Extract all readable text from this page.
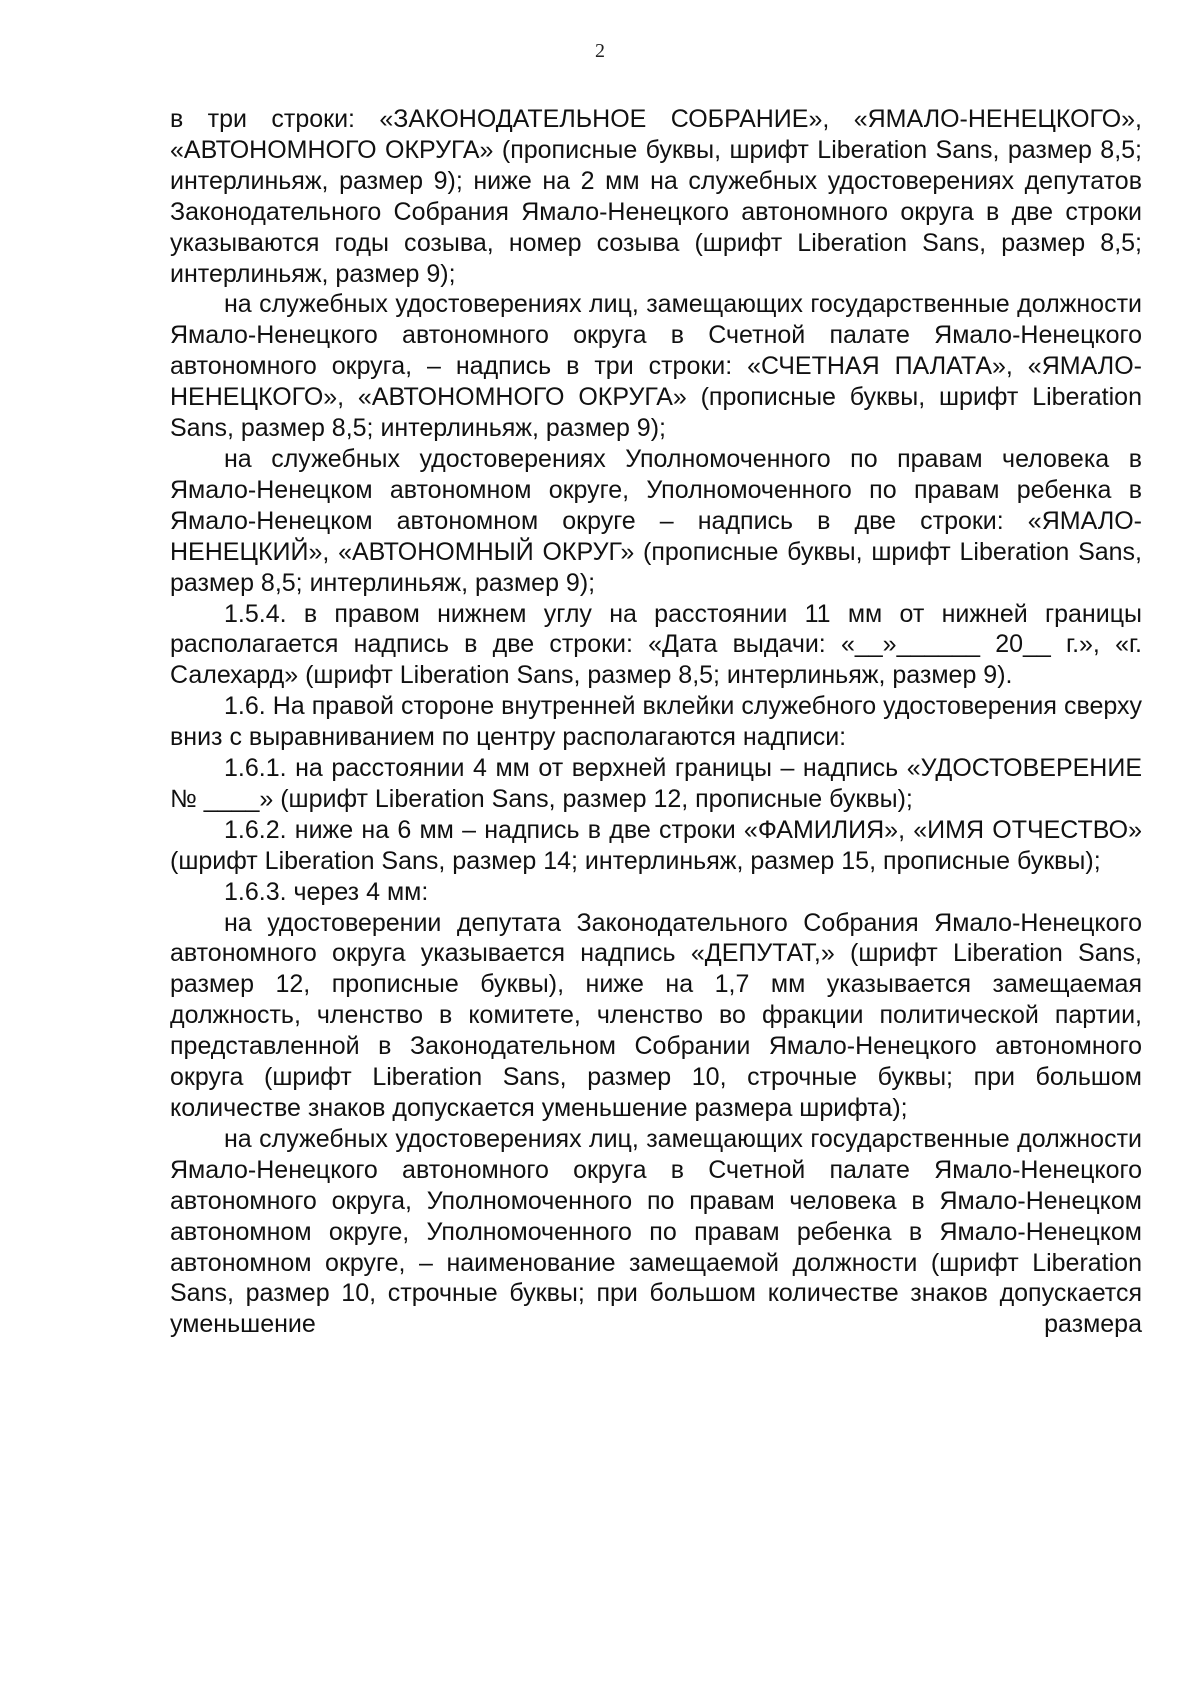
2

в три строки: «ЗАКОНОДАТЕЛЬНОЕ СОБРАНИЕ», «ЯМАЛО-НЕНЕЦКОГО», «АВТОНОМНОГО ОКРУГА» (прописные буквы, шрифт Liberation Sans, размер 8,5; интерлиньяж, размер 9); ниже на 2 мм на служебных удостоверениях депутатов Законодательного Собрания Ямало-Ненецкого автономного округа в две строки указываются годы созыва, номер созыва (шрифт Liberation Sans, размер 8,5; интерлиньяж, размер 9);

на служебных удостоверениях лиц, замещающих государственные должности Ямало-Ненецкого автономного округа в Счетной палате Ямало-Ненецкого автономного округа, – надпись в три строки: «СЧЕТНАЯ ПАЛАТА», «ЯМАЛО-НЕНЕЦКОГО», «АВТОНОМНОГО ОКРУГА» (прописные буквы, шрифт Liberation Sans, размер 8,5; интерлиньяж, размер 9);

на служебных удостоверениях Уполномоченного по правам человека в Ямало-Ненецком автономном округе, Уполномоченного по правам ребенка в Ямало-Ненецком автономном округе – надпись в две строки: «ЯМАЛО-НЕНЕЦКИЙ», «АВТОНОМНЫЙ ОКРУГ» (прописные буквы, шрифт Liberation Sans, размер 8,5; интерлиньяж, размер 9);

1.5.4. в правом нижнем углу на расстоянии 11 мм от нижней границы располагается надпись в две строки: «Дата выдачи: «__»______ 20__ г.», «г. Салехард» (шрифт Liberation Sans, размер 8,5; интерлиньяж, размер 9).

1.6. На правой стороне внутренней вклейки служебного удостоверения сверху вниз с выравниванием по центру располагаются надписи:

1.6.1. на расстоянии 4 мм от верхней границы – надпись «УДОСТОВЕРЕНИЕ № ____» (шрифт Liberation Sans, размер 12, прописные буквы);

1.6.2. ниже на 6 мм – надпись в две строки «ФАМИЛИЯ», «ИМЯ ОТЧЕСТВО» (шрифт Liberation Sans, размер 14; интерлиньяж, размер 15, прописные буквы);

1.6.3. через 4 мм:

на удостоверении депутата Законодательного Собрания Ямало-Ненецкого автономного округа указывается надпись «ДЕПУТАТ,» (шрифт Liberation Sans, размер 12, прописные буквы), ниже на 1,7 мм указывается замещаемая должность, членство в комитете, членство во фракции политической партии, представленной в Законодательном Собрании Ямало-Ненецкого автономного округа (шрифт Liberation Sans, размер 10, строчные буквы; при большом количестве знаков допускается уменьшение размера шрифта);

на служебных удостоверениях лиц, замещающих государственные должности Ямало-Ненецкого автономного округа в Счетной палате Ямало-Ненецкого автономного округа, Уполномоченного по правам человека в Ямало-Ненецком автономном округе, Уполномоченного по правам ребенка в Ямало-Ненецком автономном округе, – наименование замещаемой должности (шрифт Liberation Sans, размер 10, строчные буквы; при большом количестве знаков допускается уменьшение размера
